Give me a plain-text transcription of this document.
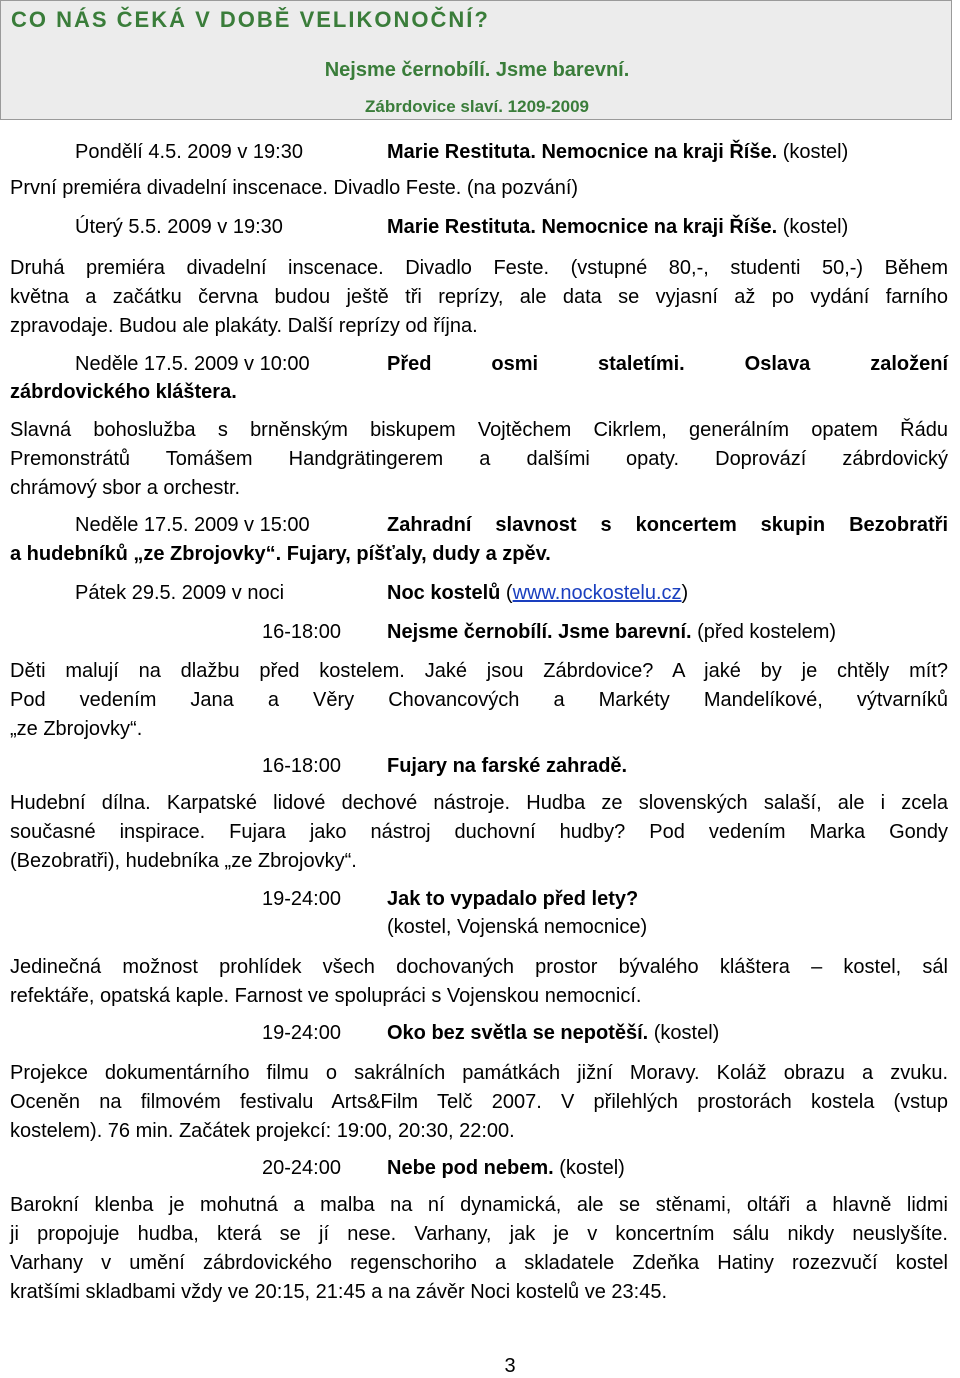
CO NÁS ČEKÁ V DOBĚ VELIKONOČNÍ?
Nejsme černobílí. Jsme barevní.
Zábrdovice slaví. 1209-2009
Pondělí 4.5. 2009 v 19:30	Marie Restituta. Nemocnice na kraji Říše. (kostel)

První premiéra divadelní inscenace. Divadlo Feste. (na pozvání)

Úterý 5.5. 2009 v 19:30	Marie Restituta. Nemocnice na kraji Říše. (kostel)

Druhá premiéra divadelní inscenace. Divadlo Feste. (vstupné 80,-, studenti 50,-) Během
května a začátku června budou ještě tři reprízy, ale data se vyjasní až po vydání farního
zpravodaje. Budou ale plakáty. Další reprízy od října.

Neděle 17.5. 2009 v 10:00	Před osmi staletími. Oslava založení
zábrdovického kláštera.

Slavná bohoslužba s brněnským biskupem Vojtěchem Cikrlem, generálním opatem Řádu
Premonstrátů Tomášem Handgrätingerem a dalšími opaty. Doprovází zábrdovický
chrámový sbor a orchestr.

Neděle 17.5. 2009 v 15:00	Zahradní slavnost s koncertem skupin Bezobratři
a hudebníků „ze Zbrojovky“. Fujary, píšťaly, dudy a zpěv.
Pátek 29.5. 2009 v noci	Noc kostelů (www.nockostelu.cz)
16-18:00 Nejsme černobílí. Jsme barevní. (před kostelem)

Děti malují na dlažbu před kostelem. Jaké jsou Zábrdovice? A jaké by je chtěly mít?
Pod vedením Jana a Věry Chovancových a Markéty Mandelíkové, výtvarníků
„ze Zbrojovky“.

16-18:00 Fujary na farské zahradě.

Hudební dílna. Karpatské lidové dechové nástroje. Hudba ze slovenských salaší, ale i zcela
současné inspirace. Fujara jako nástroj duchovní hudby? Pod vedením Marka Gondy
(Bezobratři), hudebníka „ze Zbrojovky“.

19-24:00 Jak to vypadalo před lety?
(kostel, Vojenská nemocnice)

Jedinečná možnost prohlídek všech dochovaných prostor bývalého kláštera – kostel, sál
refektáře, opatská kaple. Farnost ve spolupráci s Vojenskou nemocnicí.

19-24:00 Oko bez světla se nepotěší. (kostel)

Projekce dokumentárního filmu o sakrálních památkách jižní Moravy. Koláž obrazu a zvuku.
Oceněn na filmovém festivalu Arts&Film Telč 2007. V přilehlých prostorách kostela (vstup
kostelem). 76 min. Začátek projekcí: 19:00, 20:30, 22:00.

20-24:00 Nebe pod nebem. (kostel)

Barokní klenba je mohutná a malba na ní dynamická, ale se stěnami, oltáři a hlavně lidmi
ji propojuje hudba, která se jí nese. Varhany, jak je v koncertním sálu nikdy neuslyšíte.
Varhany v umění zábrdovického regenschoriho a skladatele Zdeňka Hatiny rozezvučí kostel
kratšími skladbami vždy ve 20:15, 21:45 a na závěr Noci kostelů ve 23:45.

3
